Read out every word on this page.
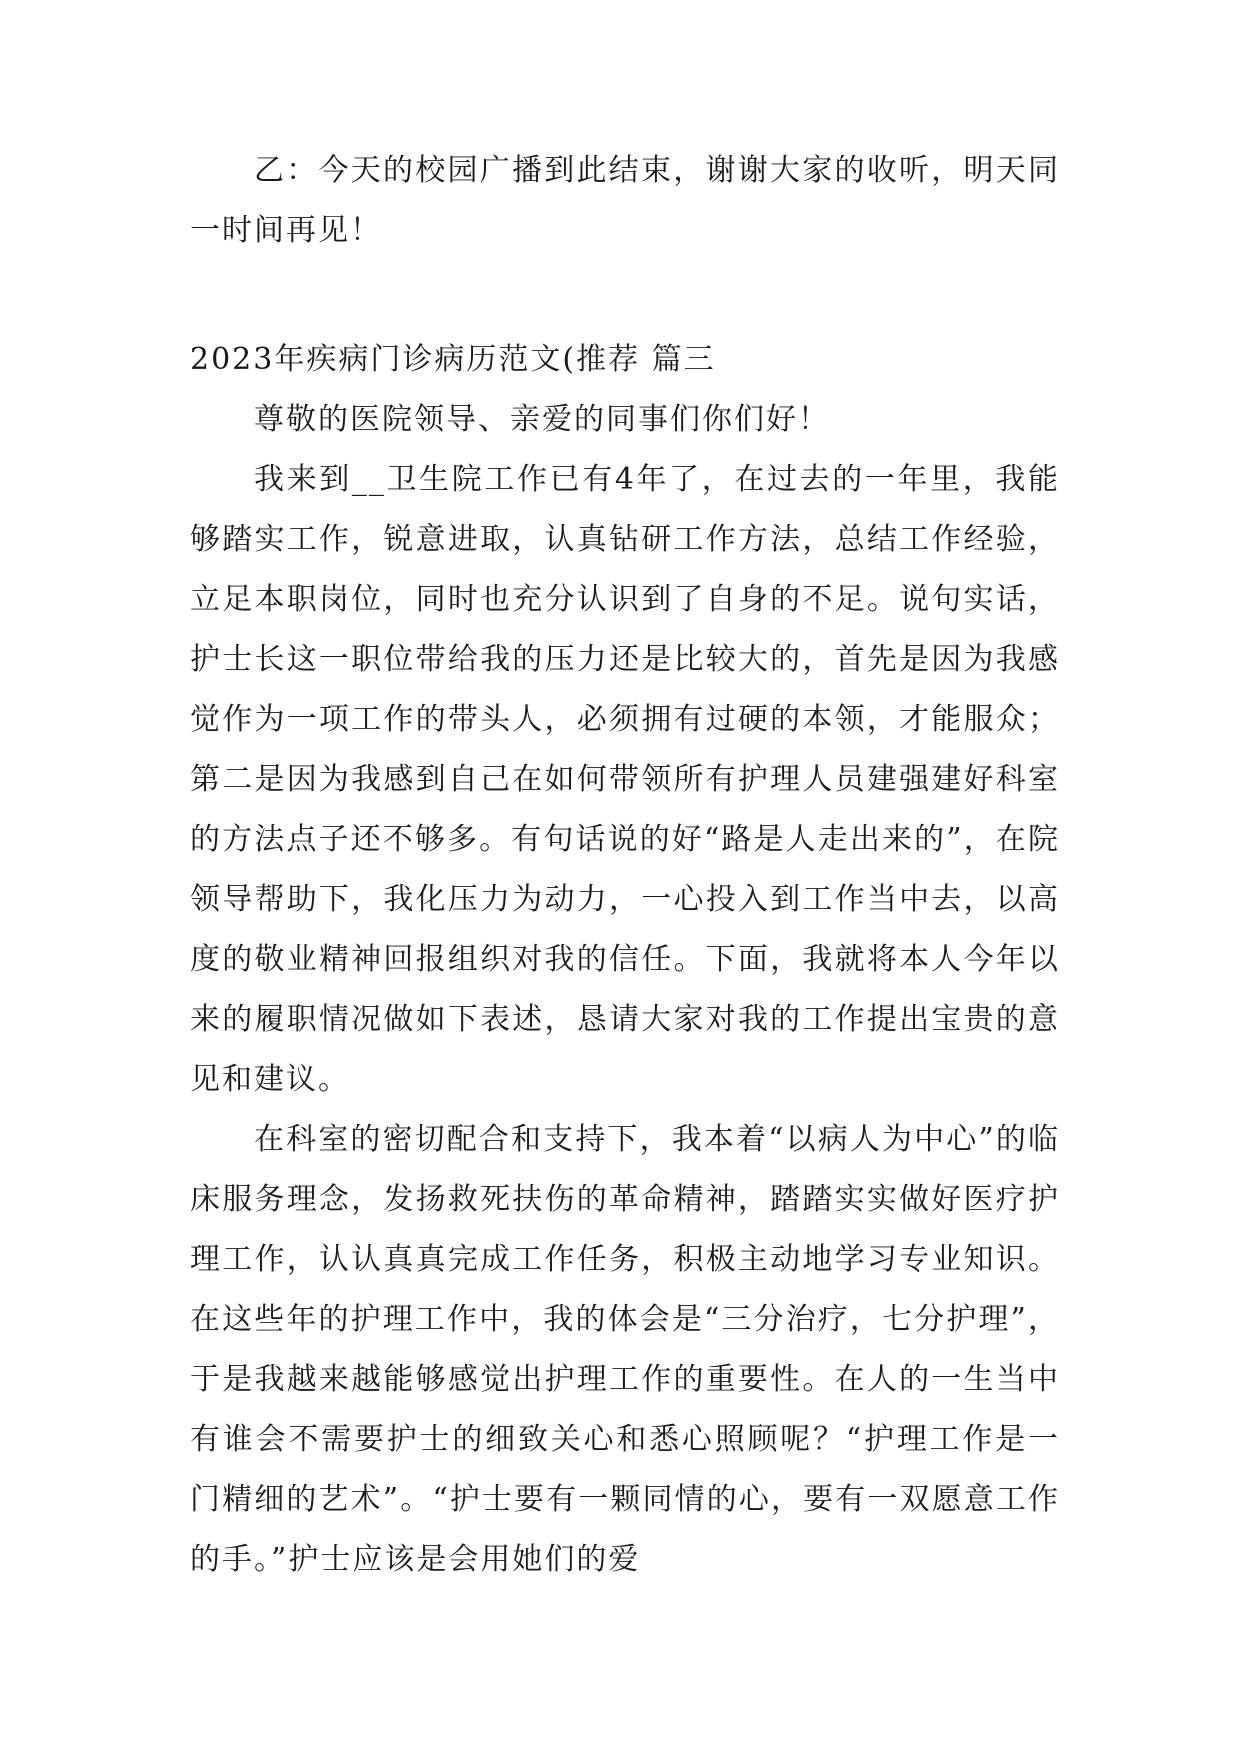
乙：今天的校园广播到此结束，谢谢大家的收听，明天同一时间再见！

2023年疾病门诊病历范文(推荐 篇三

尊敬的医院领导、亲爱的同事们你们好！

我来到__卫生院工作已有4年了，在过去的一年里，我能够踏实工作，锐意进取，认真钻研工作方法，总结工作经验，立足本职岗位，同时也充分认识到了自身的不足。说句实话，护士长这一职位带给我的压力还是比较大的，首先是因为我感觉作为一项工作的带头人，必须拥有过硬的本领，才能服众；第二是因为我感到自己在如何带领所有护理人员建强建好科室的方法点子还不够多。有句话说的好“路是人走出来的”，在院领导帮助下，我化压力为动力，一心投入到工作当中去，以高度的敬业精神回报组织对我的信任。下面，我就将本人今年以来的履职情况做如下表述，恳请大家对我的工作提出宝贵的意见和建议。

在科室的密切配合和支持下，我本着“以病人为中心”的临床服务理念，发扬救死扶伤的革命精神，踏踏实实做好医疗护理工作，认认真真完成工作任务，积极主动地学习专业知识。 在这些年的护理工作中，我的体会是“三分治疗，七分护理”，于是我越来越能够感觉出护理工作的重要性。在人的一生当中有谁会不需要护士的细致关心和悉心照顾呢？“护理工作是一门精细的艺术”。“护士要有一颗同情的心，要有一双愿意工作的手。”护士应该是会用她们的爱
